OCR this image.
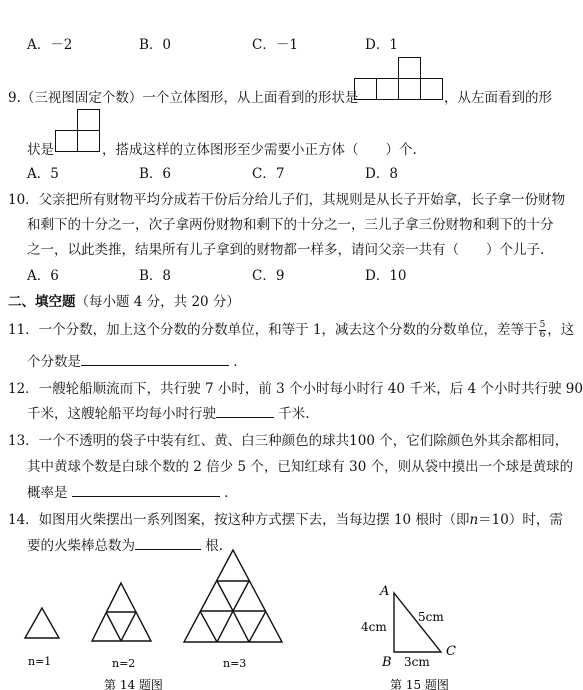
A．－2	B．0	C．－1	D．1
9.（三视图固定个数）一个立体图形，从上面看到的形状是	，从左面看到的形
状是	，搭成这样的立体图形至少需要小正方体（　　）个.
A．5	B．6	C．7	D．8
10．父亲把所有财物平均分成若干份后分给儿子们，其规则是从长子开始拿，长子拿一份财物
和剩下的十分之一，次子拿两份财物和剩下的十分之一，三儿子拿三份财物和剩下的十分
之一，以此类推，结果所有儿子拿到的财物都一样多，请问父亲一共有（　　）个儿子.
A．6	B．8	C．9	D．10
二、填空题（每小题 4 分，共 20 分）
11．一个分数，加上这个分数的分数单位，和等于 1，减去这个分数的分数单位，差等于 $\frac{5}{6}$ ，这
个分数是	．
12．一艘轮船顺流而下，共行驶 7 小时，前 3 个小时每小时行 40 千米，后 4 个小时共行驶 90
千米，这艘轮船平均每小时行驶	千米.
13．一个不透明的袋子中装有红、黄、白三种颜色的球共100 个，它们除颜色外其余都相同，
其中黄球个数是白球个数的 2 倍少 5 个，已知红球有 30 个，则从袋中摸出一个球是黄球的
概率是	．
14．如图用火柴摆出一系列图案，按这种方式摆下去，当每边摆 10 根时（即n＝10）时，需
要的火柴棒总数为	根.
n=1	n=2	n=3
第 14 题图
A
B
C
4cm
5cm
3cm
第 15 题图
